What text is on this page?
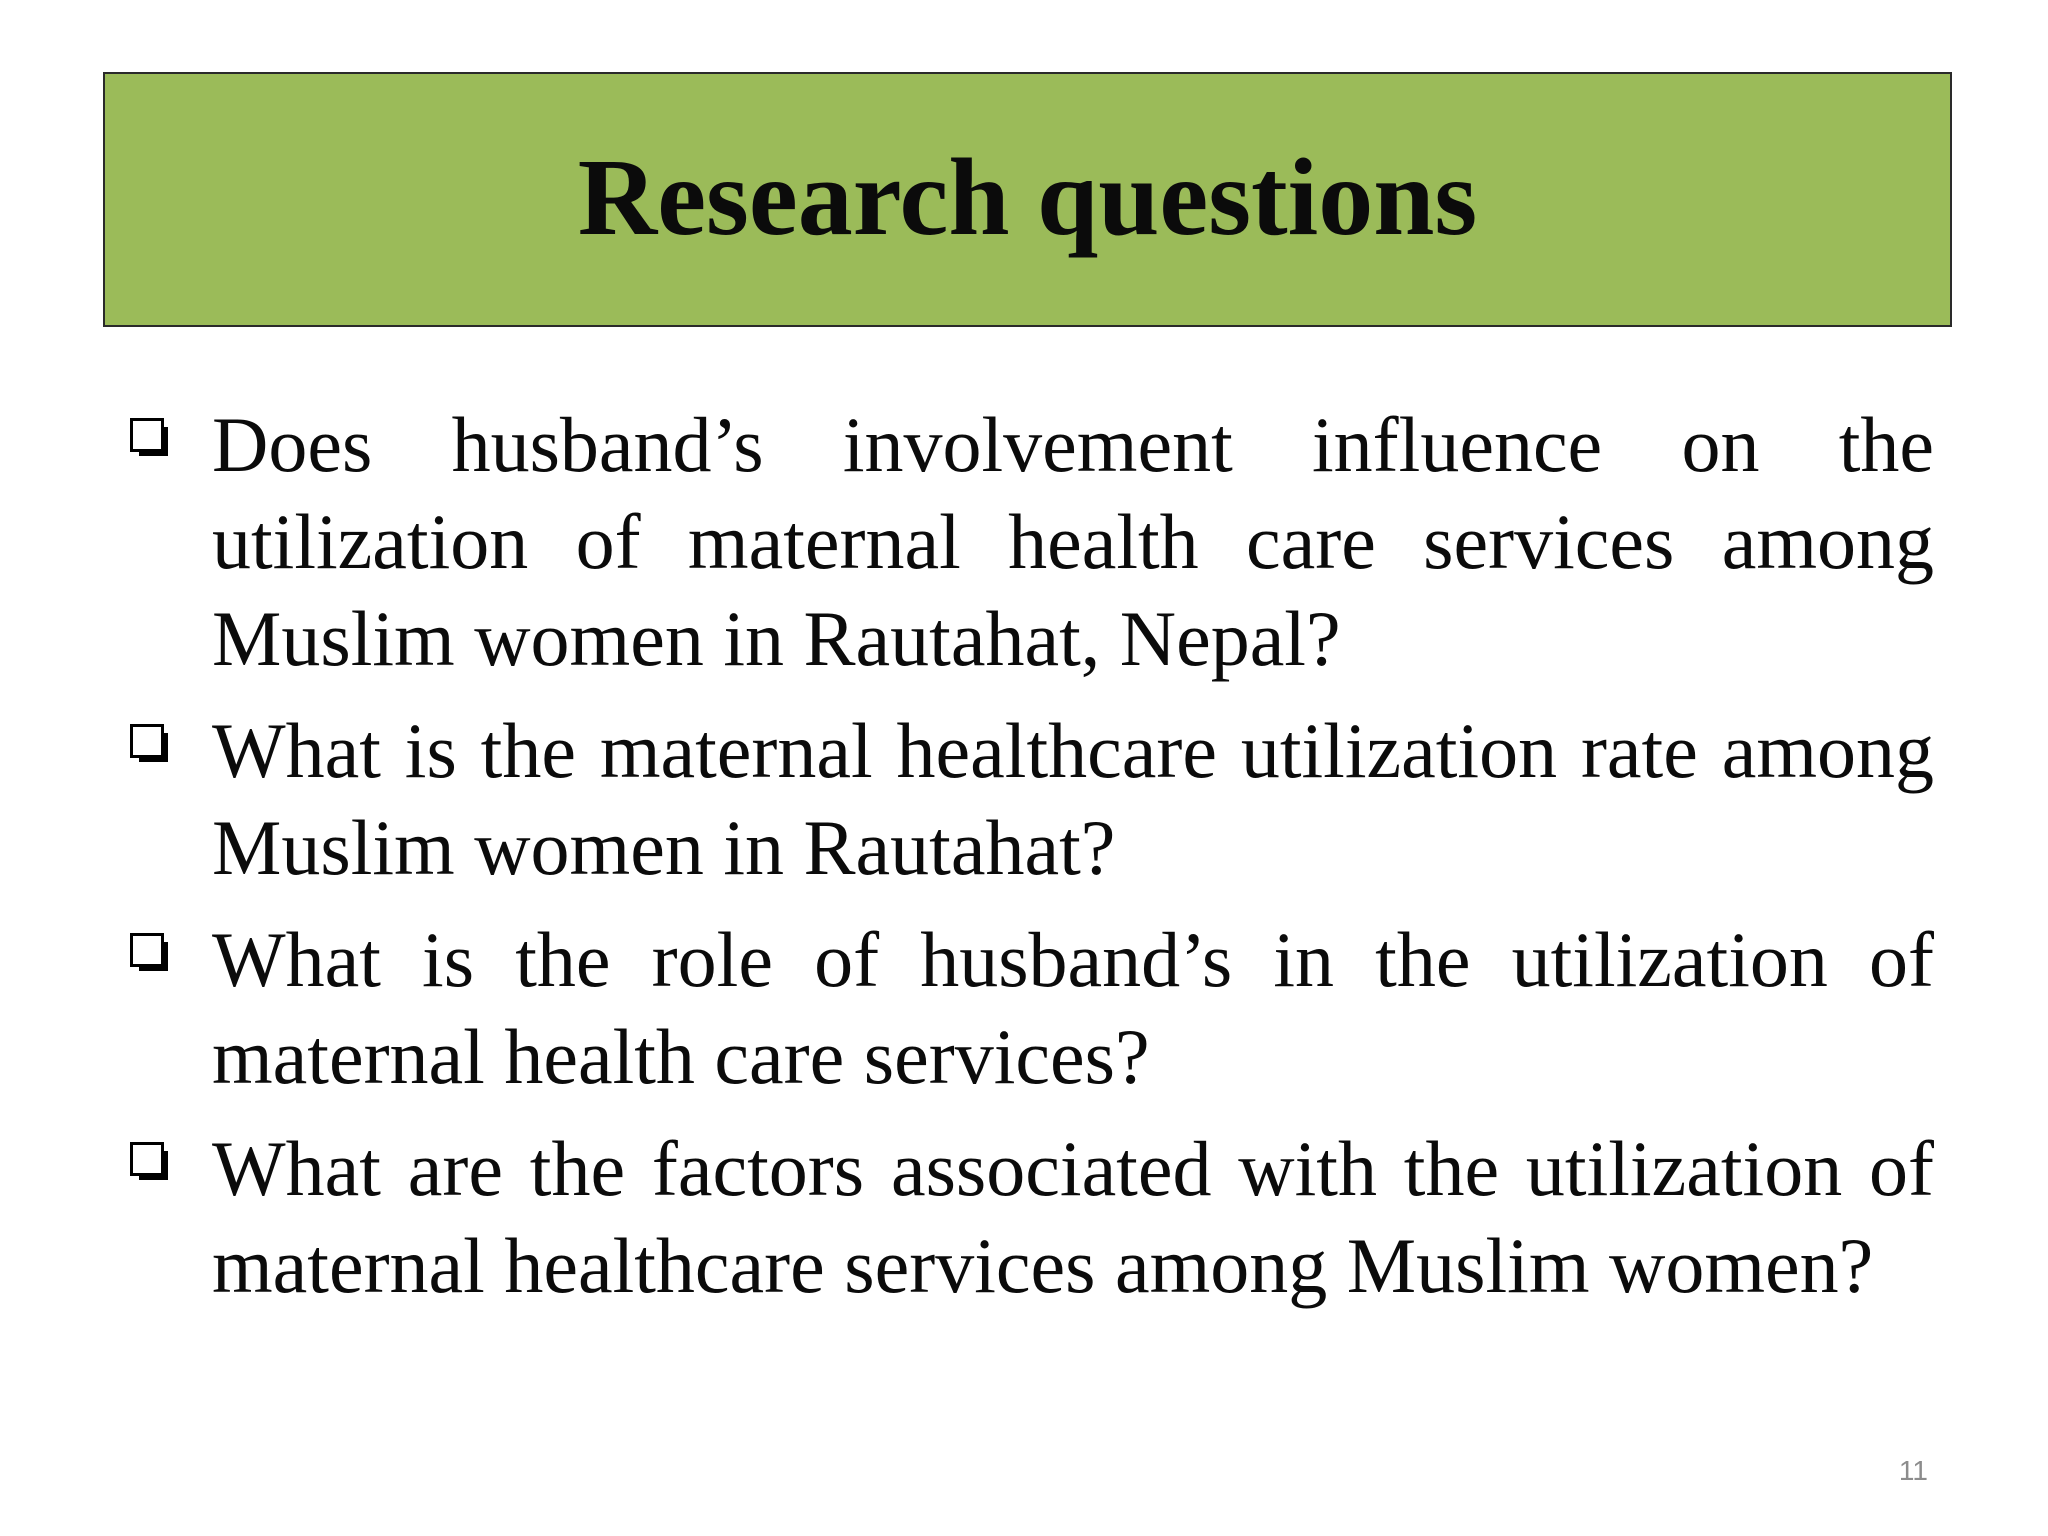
Research questions
Does husband’s involvement influence on the utilization of maternal health care services among Muslim women in Rautahat, Nepal?
What is the maternal healthcare utilization rate among Muslim women in Rautahat?
What is the role of husband’s in the utilization of maternal health care services?
What are the factors associated with the utilization of maternal healthcare services among Muslim women?
11
